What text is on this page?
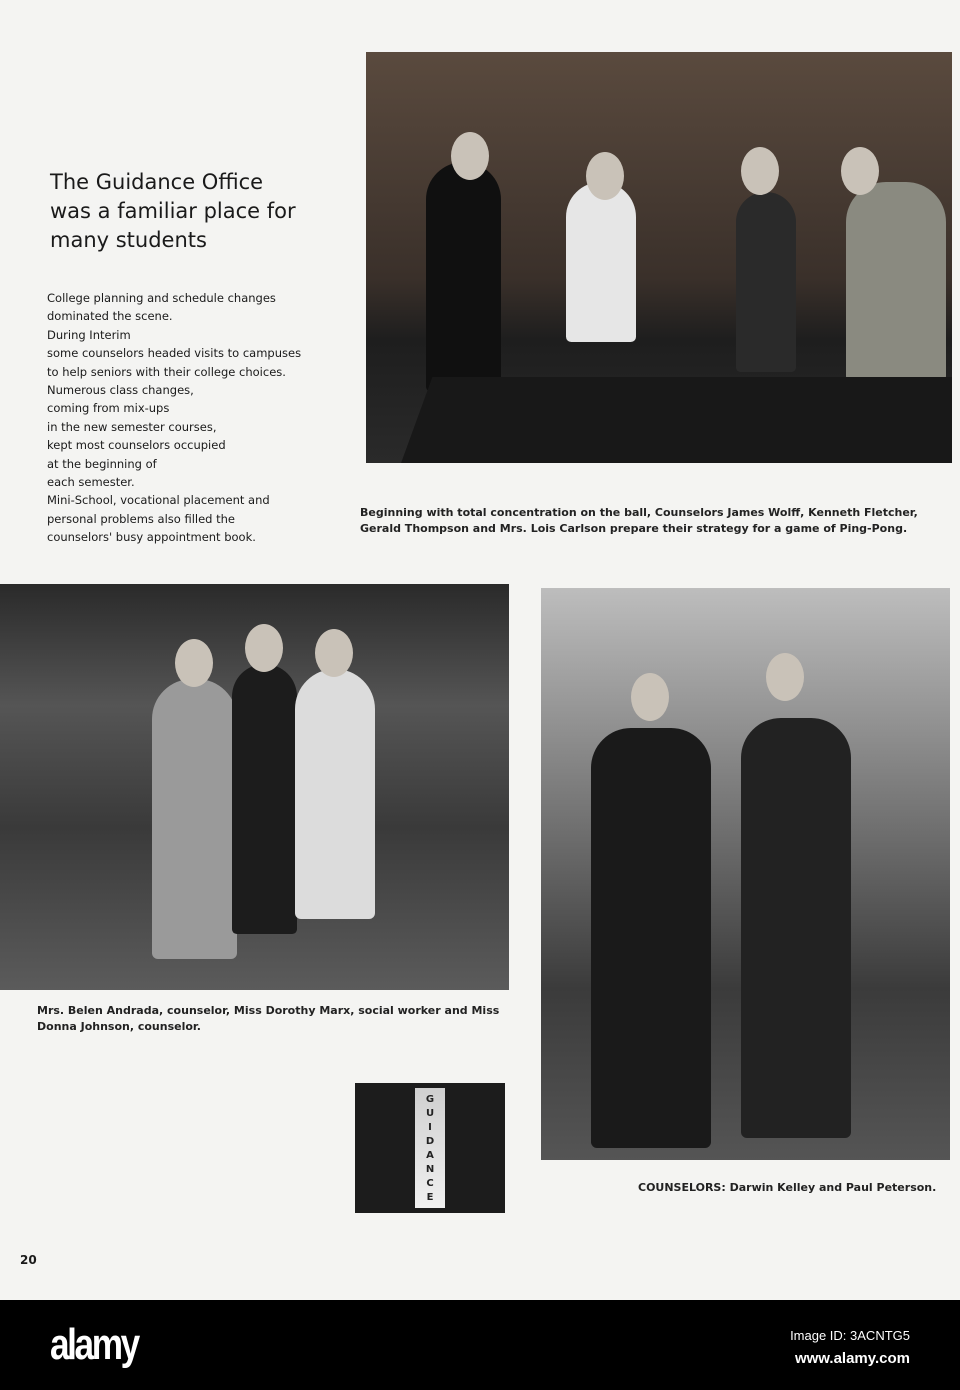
The Guidance Office was a familiar place for many students
College planning and schedule changes
dominated the scene.
During Interim
some counselors headed visits to campuses
to help seniors with their college choices.
Numerous class changes,
coming from mix-ups
in the new semester courses,
kept most counselors occupied
at the beginning of
each semester.
Mini-School, vocational placement and
personal problems also filled the
counselors' busy appointment book.
Beginning with total concentration on the ball, Counselors James Wolff, Kenneth Fletcher, Gerald Thompson and Mrs. Lois Carlson prepare their strategy for a game of Ping-Pong.
Mrs. Belen Andrada, counselor, Miss Dorothy Marx, social worker and Miss Donna Johnson, counselor.
COUNSELORS: Darwin Kelley and Paul Peterson.
G
U
I
D
A
N
C
E
20
alamy	Image ID: 3ACNTG5
www.alamy.com
